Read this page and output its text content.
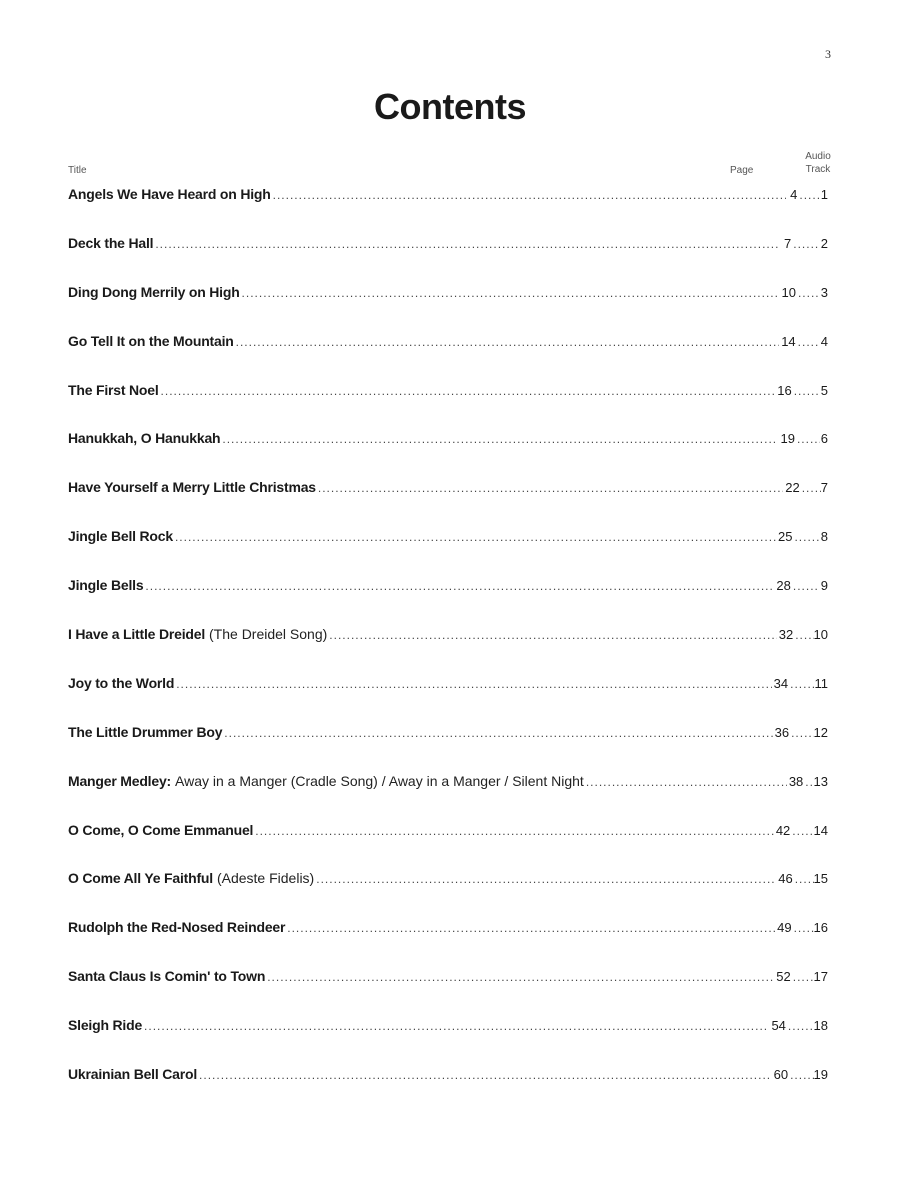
3
Contents
Title	Page
Audio
Track
Angels We Have Heard on High .....	4 ..... 1
Deck the Hall .....	7 ..... 2
Ding Dong Merrily on High .....	10 ..... 3
Go Tell It on the Mountain .....	14 ..... 4
The First Noel .....	16 ..... 5
Hanukkah, O Hanukkah .....	19 ..... 6
Have Yourself a Merry Little Christmas .....	22 ..... 7
Jingle Bell Rock .....	25 ..... 8
Jingle Bells .....	28 ..... 9
I Have a Little Dreidel (The Dreidel Song) .....	32 ..... 10
Joy to the World .....	34 ..... 11
The Little Drummer Boy .....	36 ..... 12
Manger Medley: Away in a Manger (Cradle Song) / Away in a Manger / Silent Night .....	38 ..... 13
O Come, O Come Emmanuel .....	42 ..... 14
O Come All Ye Faithful (Adeste Fidelis) .....	46 ..... 15
Rudolph the Red-Nosed Reindeer .....	49 ..... 16
Santa Claus Is Comin' to Town .....	52 ..... 17
Sleigh Ride .....	54 ..... 18
Ukrainian Bell Carol .....	60 ..... 19
